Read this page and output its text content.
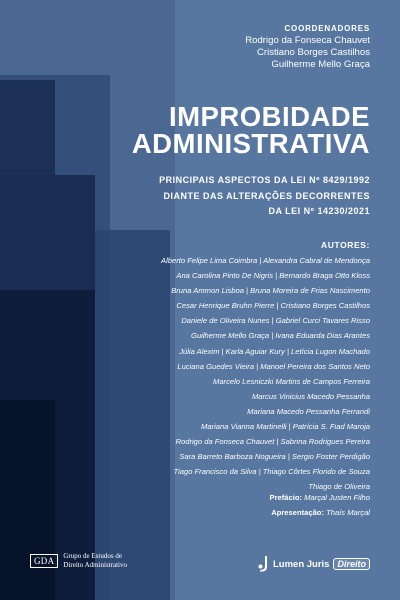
COORDENADORES
Rodrigo da Fonseca Chauvet
Cristiano Borges Castilhos
Guilherme Mello Graça
IMPROBIDADE
ADMINISTRATIVA
PRINCIPAIS ASPECTOS DA LEI Nº 8429/1992
DIANTE DAS ALTERAÇÕES DECORRENTES
DA LEI Nº 14230/2021
AUTORES:
Alberto Felipe Lima Coimbra | Alexandra Cabral de Mendonça
Ana Carolina Pinto De Nigris | Bernardo Braga Otto Kloss
Bruna Ammon Lisboa | Bruna Moreira de Frias Nascimento
Cesar Henrique Bruhn Pierre | Cristiano Borges Castilhos
Daniele de Oliveira Nunes | Gabriel Curci Tavares Risso
Guilherme Mello Graça | Ivana Eduarda Dias Arantes
Júlia Alexim | Karla Aguiar Kury | Letícia Lugon Machado
Luciana Guedes Vieira | Manoel Pereira dos Santos Neto
Marcelo Lesniczki Martins de Campos Ferreira
Marcus Vinicius Macedo Pessanha
Mariana Macedo Pessanha Ferrandi
Mariana Vianna Martinelli | Patrícia S. Fiad Maroja
Rodrigo da Fonseca Chauvet | Sabrina Rodrigues Pereira
Sara Barreto Barboza Nogueira | Sergio Foster Perdigão
Tiago Francisco da Silva | Thiago Côrtes Florido de Souza
Thiago de Oliveira
Prefácio: Marçal Justen Filho
Apresentação: Thaís Marçal
GDA	Grupo de Estudos de
Direito Administrativo	Lumen Juris Direito
